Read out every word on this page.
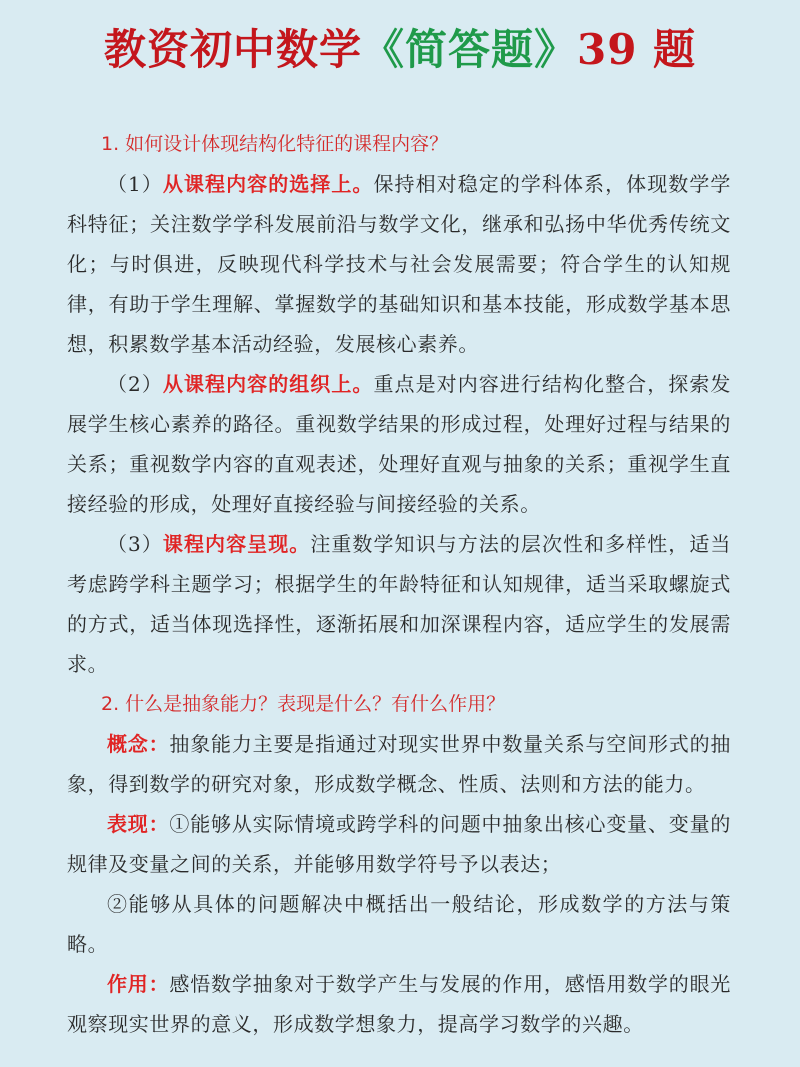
教资初中数学《简答题》39 题
1. 如何设计体现结构化特征的课程内容？
（1）从课程内容的选择上。保持相对稳定的学科体系，体现数学学科特征；关注数学学科发展前沿与数学文化，继承和弘扬中华优秀传统文化；与时俱进，反映现代科学技术与社会发展需要；符合学生的认知规律，有助于学生理解、掌握数学的基础知识和基本技能，形成数学基本思想，积累数学基本活动经验，发展核心素养。
（2）从课程内容的组织上。重点是对内容进行结构化整合，探索发展学生核心素养的路径。重视数学结果的形成过程，处理好过程与结果的关系；重视数学内容的直观表述，处理好直观与抽象的关系；重视学生直接经验的形成，处理好直接经验与间接经验的关系。
（3）课程内容呈现。注重数学知识与方法的层次性和多样性，适当考虑跨学科主题学习；根据学生的年龄特征和认知规律，适当采取螺旋式的方式，适当体现选择性，逐渐拓展和加深课程内容，适应学生的发展需求。
2. 什么是抽象能力？表现是什么？有什么作用？
概念：抽象能力主要是指通过对现实世界中数量关系与空间形式的抽象，得到数学的研究对象，形成数学概念、性质、法则和方法的能力。
表现：①能够从实际情境或跨学科的问题中抽象出核心变量、变量的规律及变量之间的关系，并能够用数学符号予以表达；
②能够从具体的问题解决中概括出一般结论，形成数学的方法与策略。
作用：感悟数学抽象对于数学产生与发展的作用，感悟用数学的眼光观察现实世界的意义，形成数学想象力，提高学习数学的兴趣。
